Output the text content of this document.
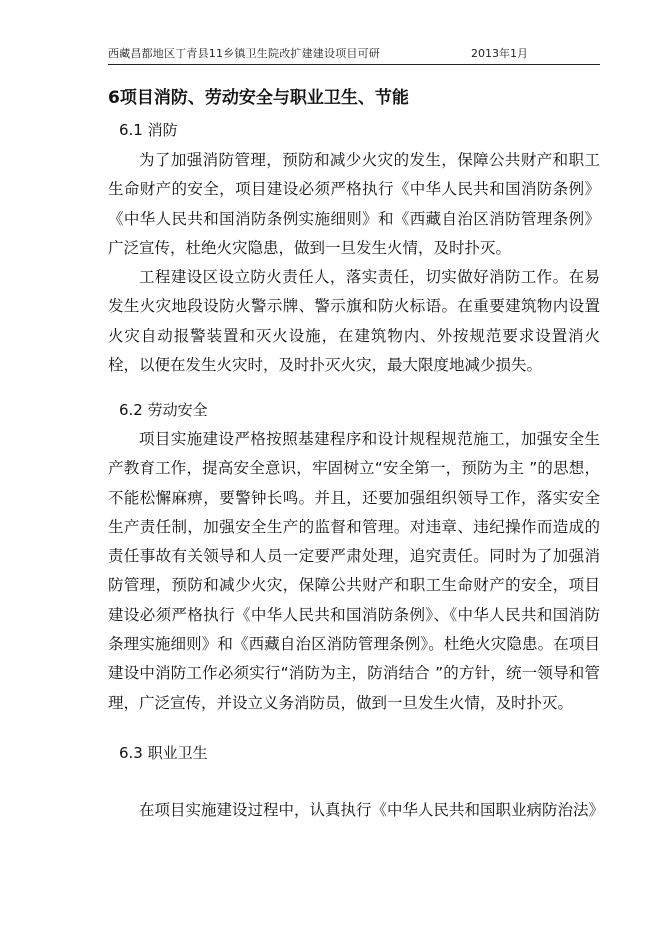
西藏昌都地区丁青县11乡镇卫生院改扩建建设项目可研	2013年1月
6项目消防、劳动安全与职业卫生、节能
6.1 消防

为了加强消防管理，预防和减少火灾的发生，保障公共财产和职工生命财产的安全，项目建设必须严格执行《中华人民共和国消防条例》《中华人民共和国消防条例实施细则》和《西藏自治区消防管理条例》广泛宣传，杜绝火灾隐患，做到一旦发生火情，及时扑灭。

工程建设区设立防火责任人，落实责任，切实做好消防工作。在易发生火灾地段设防火警示牌、警示旗和防火标语。在重要建筑物内设置火灾自动报警装置和灭火设施，在建筑物内、外按规范要求设置消火栓，以便在发生火灾时，及时扑灭火灾，最大限度地减少损失。

6.2 劳动安全

项目实施建设严格按照基建程序和设计规程规范施工，加强安全生产教育工作，提高安全意识，牢固树立“安全第一，预防为主 ”的思想，不能松懈麻痹，要警钟长鸣。并且，还要加强组织领导工作，落实安全生产责任制，加强安全生产的监督和管理。对违章、违纪操作而造成的责任事故有关领导和人员一定要严肃处理，追究责任。同时为了加强消防管理，预防和减少火灾，保障公共财产和职工生命财产的安全，项目建设必须严格执行《中华人民共和国消防条例》、《中华人民共和国消防条理实施细则》和《西藏自治区消防管理条例》。杜绝火灾隐患。在项目建设中消防工作必须实行“消防为主，防消结合 ”的方针，统一领导和管理，广泛宣传，并设立义务消防员，做到一旦发生火情，及时扑灭。

6.3 职业卫生

在项目实施建设过程中，认真执行《中华人民共和国职业病防治法》
